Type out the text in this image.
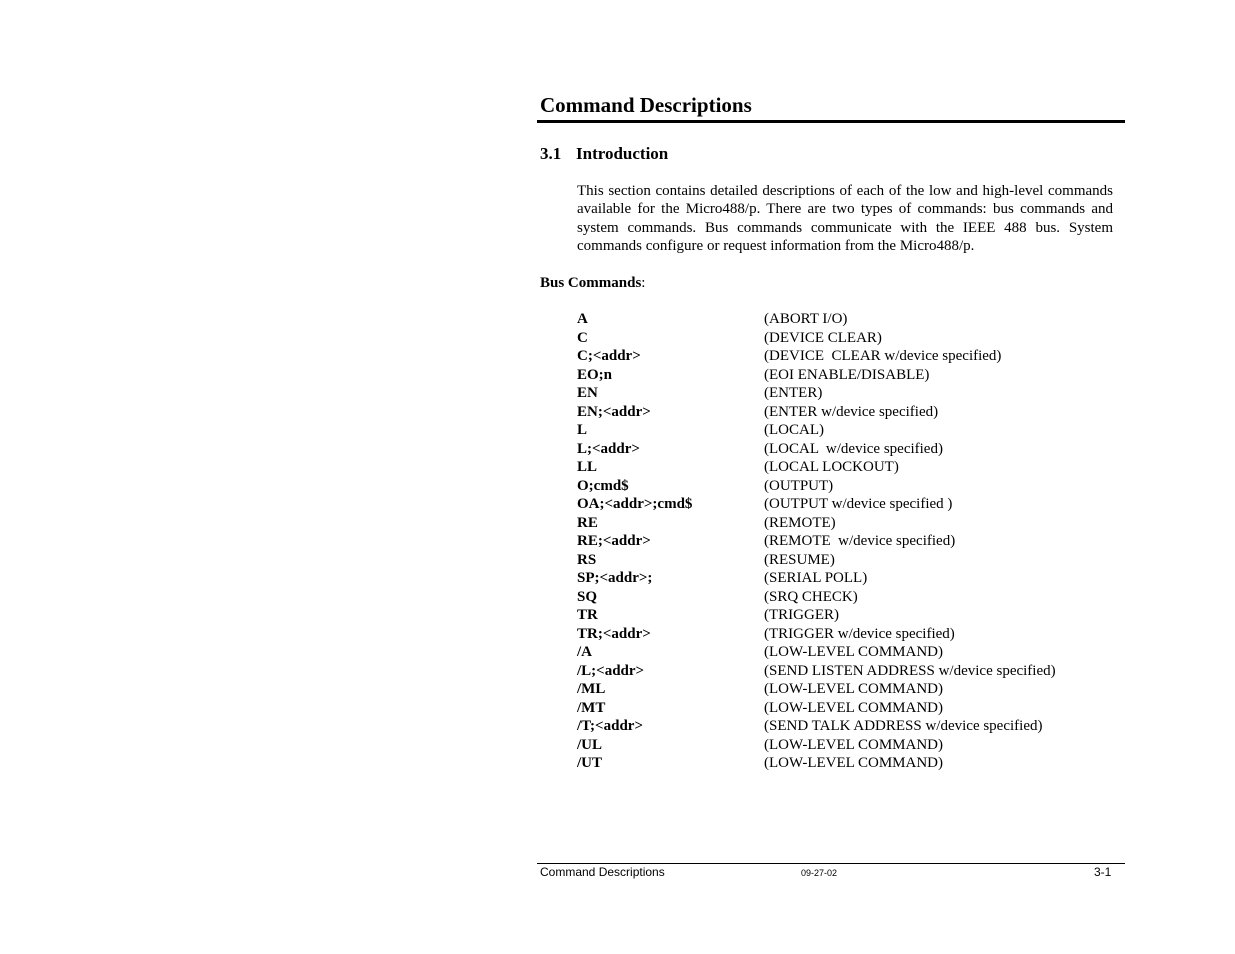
Command Descriptions
3.1 Introduction

This section contains detailed descriptions of each of the low and high-level commands available for the Micro488/p. There are two types of commands: bus commands and system commands. Bus commands communicate with the IEEE 488 bus. System commands configure or request information from the Micro488/p.

Bus Commands:
A	(ABORT I/O)
C	(DEVICE CLEAR)
C;<addr>	(DEVICE  CLEAR w/device specified)
EO;n	(EOI ENABLE/DISABLE)
EN	(ENTER)
EN;<addr>	(ENTER w/device specified)
L	(LOCAL)
L;<addr>	(LOCAL  w/device specified)
LL	(LOCAL LOCKOUT)
O;cmd$	(OUTPUT)
OA;<addr>;cmd$	(OUTPUT w/device specified )
RE	(REMOTE)
RE;<addr>	(REMOTE  w/device specified)
RS	(RESUME)
SP;<addr>;	(SERIAL POLL)
SQ	(SRQ CHECK)
TR	(TRIGGER)
TR;<addr>	(TRIGGER w/device specified)
/A	(LOW-LEVEL COMMAND)
/L;<addr>	(SEND LISTEN ADDRESS w/device specified)
/ML	(LOW-LEVEL COMMAND)
/MT	(LOW-LEVEL COMMAND)
/T;<addr>	(SEND TALK ADDRESS w/device specified)
/UL	(LOW-LEVEL COMMAND)
/UT	(LOW-LEVEL COMMAND)
Command Descriptions	09-27-02	3-1
